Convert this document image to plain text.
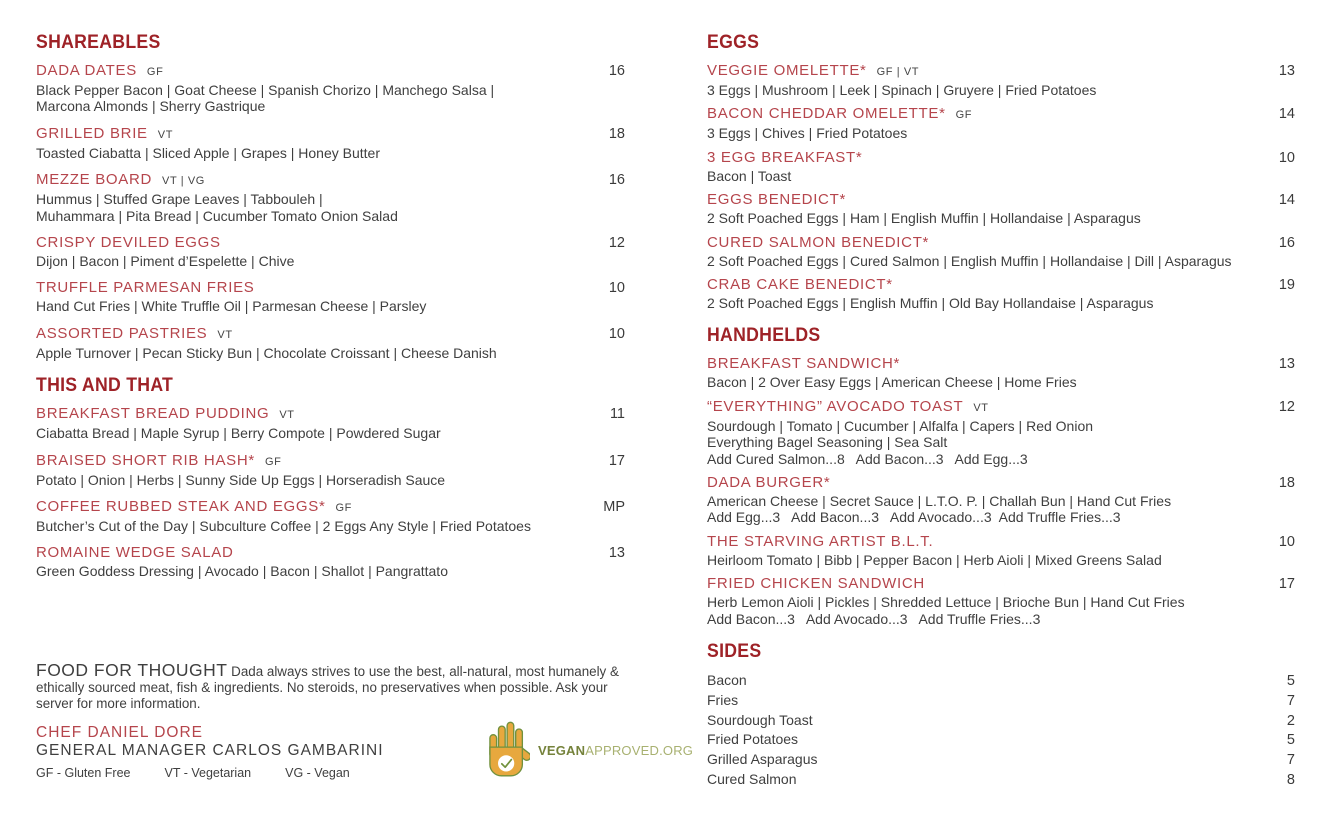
SHAREABLES
DADA DATES GF	16
Black Pepper Bacon | Goat Cheese | Spanish Chorizo | Manchego Salsa |
Marcona Almonds | Sherry Gastrique
GRILLED BRIE VT	18
Toasted Ciabatta | Sliced Apple | Grapes | Honey Butter
MEZZE BOARD VT | VG	16
Hummus | Stuffed Grape Leaves | Tabbouleh |
Muhammara | Pita Bread | Cucumber Tomato Onion Salad
CRISPY DEVILED EGGS	12
Dijon | Bacon | Piment d’Espelette | Chive
TRUFFLE PARMESAN FRIES	10
Hand Cut Fries | White Truffle Oil | Parmesan Cheese | Parsley
ASSORTED PASTRIES VT	10
Apple Turnover | Pecan Sticky Bun | Chocolate Croissant | Cheese Danish
THIS AND THAT
BREAKFAST BREAD PUDDING VT	11
Ciabatta Bread | Maple Syrup | Berry Compote | Powdered Sugar
BRAISED SHORT RIB HASH* GF	17
Potato | Onion | Herbs | Sunny Side Up Eggs | Horseradish Sauce
COFFEE RUBBED STEAK AND EGGS* GF	MP
Butcher’s Cut of the Day | Subculture Coffee | 2 Eggs Any Style | Fried Potatoes
ROMAINE WEDGE SALAD	13
Green Goddess Dressing | Avocado | Bacon | Shallot | Pangrattato
EGGS
VEGGIE OMELETTE* GF | VT	13
3 Eggs | Mushroom | Leek | Spinach | Gruyere | Fried Potatoes
BACON CHEDDAR OMELETTE* GF	14
3 Eggs | Chives | Fried Potatoes
3 EGG BREAKFAST*	10
Bacon | Toast
EGGS BENEDICT*	14
2 Soft Poached Eggs | Ham | English Muffin | Hollandaise | Asparagus
CURED SALMON BENEDICT*	16
2 Soft Poached Eggs | Cured Salmon | English Muffin | Hollandaise | Dill | Asparagus
CRAB CAKE BENEDICT*	19
2 Soft Poached Eggs | English Muffin | Old Bay Hollandaise | Asparagus
HANDHELDS
BREAKFAST SANDWICH*	13
Bacon | 2 Over Easy Eggs | American Cheese | Home Fries
“EVERYTHING” AVOCADO TOAST VT	12
Sourdough | Tomato | Cucumber | Alfalfa | Capers | Red Onion
Everything Bagel Seasoning | Sea Salt
Add Cured Salmon...8   Add Bacon...3   Add Egg...3
DADA BURGER*	18
American Cheese | Secret Sauce | L.T.O. P. | Challah Bun | Hand Cut Fries
Add Egg...3   Add Bacon...3   Add Avocado...3  Add Truffle Fries...3
THE STARVING ARTIST B.L.T.	10
Heirloom Tomato | Bibb | Pepper Bacon | Herb Aioli | Mixed Greens Salad
FRIED CHICKEN SANDWICH	17
Herb Lemon Aioli | Pickles | Shredded Lettuce | Brioche Bun | Hand Cut Fries
Add Bacon...3   Add Avocado...3   Add Truffle Fries...3
SIDES
Bacon	5
Fries	7
Sourdough Toast	2
Fried Potatoes	5
Grilled Asparagus	7
Cured Salmon	8

FOOD FOR THOUGHT Dada always strives to use the best, all-natural, most humanely & ethically sourced meat, fish & ingredients. No steroids, no preservatives when possible. Ask your server for more information.

CHEF DANIEL DORE
GENERAL MANAGER CARLOS GAMBARINI
GF - Gluten Free	VT - Vegetarian	VG - Vegan
VEGANAPPROVED.ORG
